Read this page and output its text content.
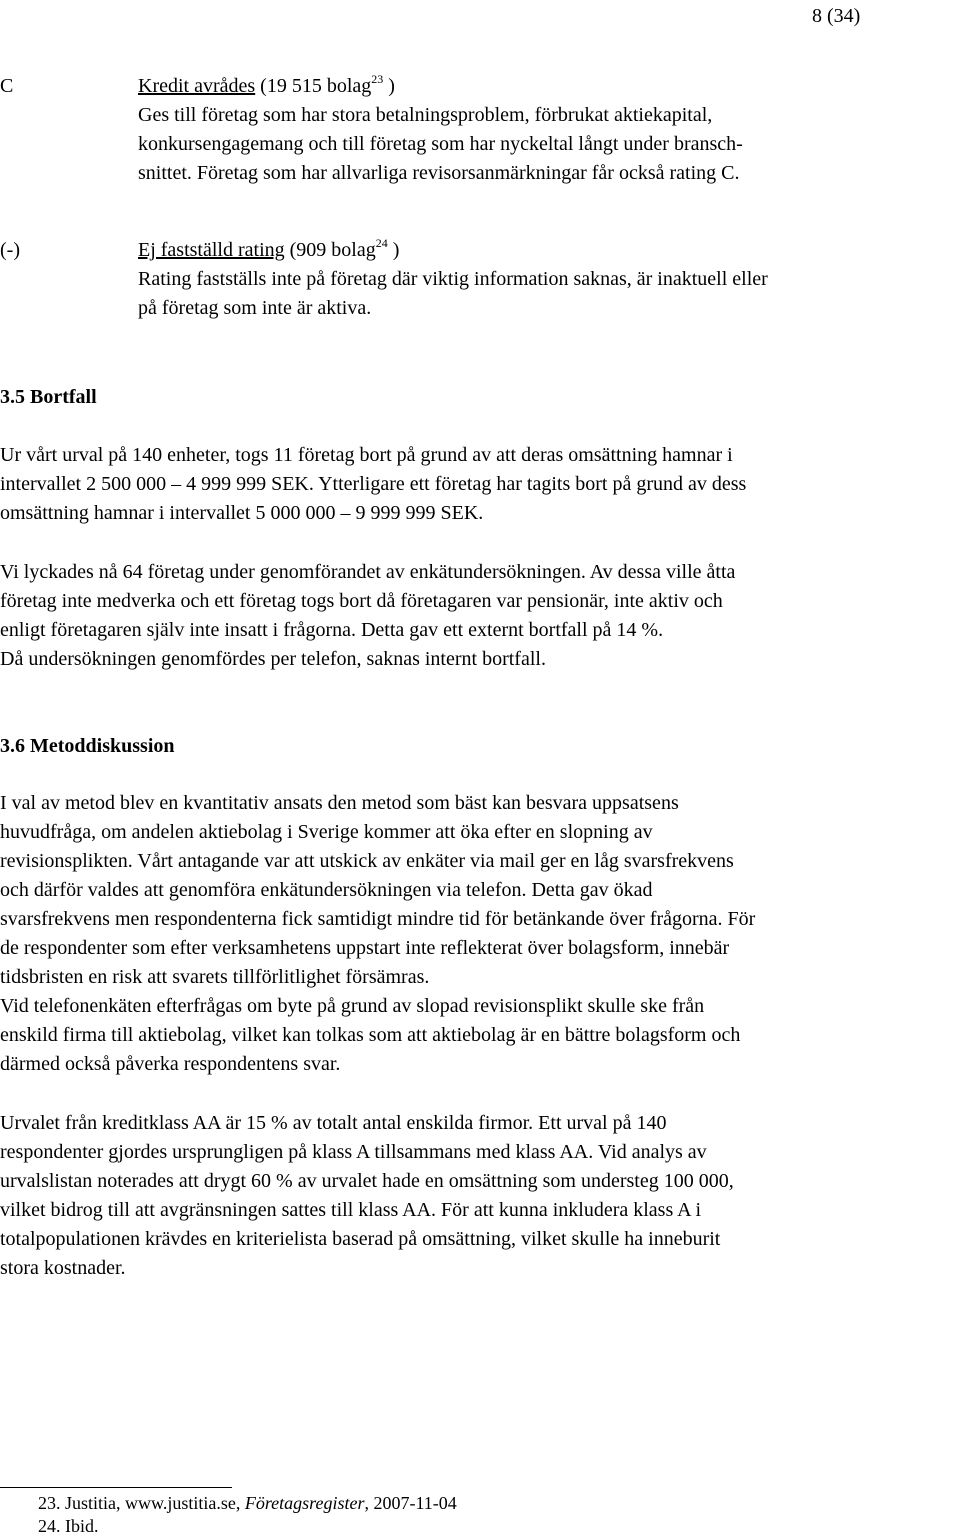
8 (34)
C	Kredit avrådes (19 515 bolag$^{23}$ )
Ges till företag som har stora betalningsproblem, förbrukat aktiekapital,
konkursengagemang och till företag som har nyckeltal långt under bransch-
snittet. Företag som har allvarliga revisorsanmärkningar får också rating C.
(-)	Ej fastställd rating (909 bolag$^{24}$ )
Rating fastställs inte på företag där viktig information saknas, är inaktuell eller
på företag som inte är aktiva.
3.5 Bortfall

Ur vårt urval på 140 enheter, togs 11 företag bort på grund av att deras omsättning hamnar i

intervallet 2 500 000 – 4 999 999 SEK. Ytterligare ett företag har tagits bort på grund av dess

omsättning hamnar i intervallet 5 000 000 – 9 999 999 SEK.

Vi lyckades nå 64 företag under genomförandet av enkätundersökningen. Av dessa ville åtta

företag inte medverka och ett företag togs bort då företagaren var pensionär, inte aktiv och

enligt företagaren själv inte insatt i frågorna. Detta gav ett externt bortfall på 14 %.

Då undersökningen genomfördes per telefon, saknas internt bortfall.

3.6 Metoddiskussion

I val av metod blev en kvantitativ ansats den metod som bäst kan besvara uppsatsens

huvudfråga, om andelen aktiebolag i Sverige kommer att öka efter en slopning av

revisionsplikten. Vårt antagande var att utskick av enkäter via mail ger en låg svarsfrekvens

och därför valdes att genomföra enkätundersökningen via telefon. Detta gav ökad

svarsfrekvens men respondenterna fick samtidigt mindre tid för betänkande över frågorna. För

de respondenter som efter verksamhetens uppstart inte reflekterat över bolagsform, innebär

tidsbristen en risk att svarets tillförlitlighet försämras.

Vid telefonenkäten efterfrågas om byte på grund av slopad revisionsplikt skulle ske från

enskild firma till aktiebolag, vilket kan tolkas som att aktiebolag är en bättre bolagsform och

därmed också påverka respondentens svar.

Urvalet från kreditklass AA är 15 % av totalt antal enskilda firmor. Ett urval på 140

respondenter gjordes ursprungligen på klass A tillsammans med klass AA. Vid analys av

urvalslistan noterades att drygt 60 % av urvalet hade en omsättning som understeg 100 000,

vilket bidrog till att avgränsningen sattes till klass AA. För att kunna inkludera klass A i

totalpopulationen krävdes en kriterielista baserad på omsättning, vilket skulle ha inneburit

stora kostnader.

23. Justitia, www.justitia.se, Företagsregister, 2007-11-04
24. Ibid.
